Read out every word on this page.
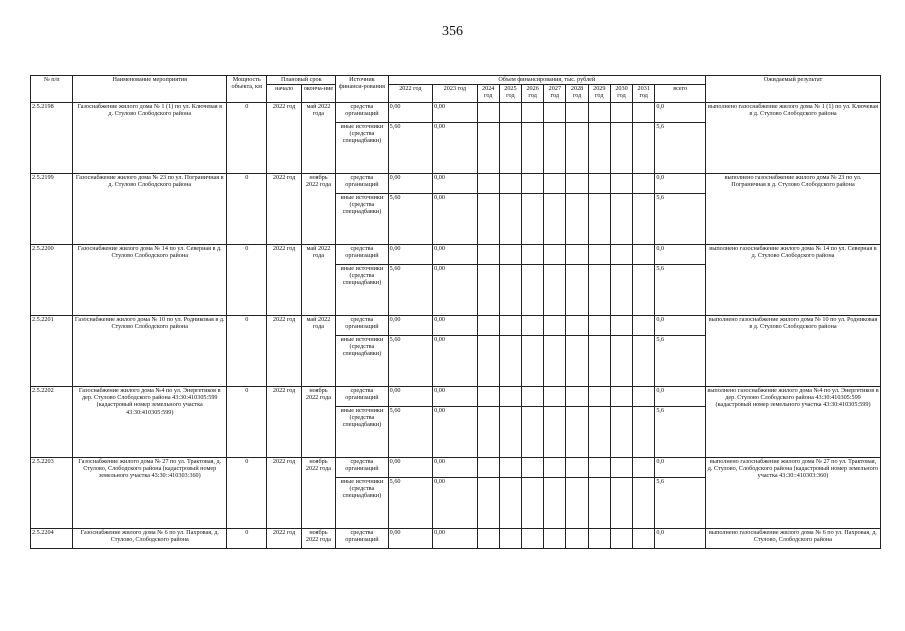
356
№ п/п	Наименование мероприятия	Мощность объекта, км	Плановый срок		Источник финанси-рования	Объем финансирования, тыс. рублей											Ожидаемый результат
			начало	оконча-ние		2022 год	2023 год	2024 год	2025 год	2026 год	2027 год	2028 год	2029 год	2030 год	2031 год	всего	

2.5.2198	Газоснабжение жилого дома № 1 (1) по ул. Ключевая в д. Стулово Слободского района	0	2022 год	май 2022 года	средства организаций	0,00	0,00									0,0	выполнено газоснабжение жилого дома № 1 (1) по ул. Ключевая в д. Стулово Слободского района
					иные источники (средства спецнадбавки)	5,60	0,00									5,6	
2.5.2199	Газоснабжение жилого дома № 23 по ул. Пограничная в д. Стулово Слободского района	0	2022 год	ноябрь 2022 года	средства организаций	0,00	0,00									0,0	выполнено газоснабжение жилого дома № 23 по ул. Пограничная в д. Стулово Слободского района
					иные источники (средства спецнадбавки)	5,60	0,00									5,6	
2.5.2200	Газоснабжение жилого дома № 14 по ул. Северная в д. Стулово Слободского района	0	2022 год	май 2022 года	средства организаций	0,00	0,00									0,0	выполнено газоснабжение жилого дома № 14 по ул. Северная в д. Стулово Слободского района
					иные источники (средства спецнадбавки)	5,60	0,00									5,6	
2.5.2201	Газоснабжение жилого дома № 10 по ул. Родниковая в д. Стулово Слободского района	0	2022 год	май 2022 года	средства организаций	0,00	0,00									0,0	выполнено газоснабжение жилого дома № 10 по ул. Родниковая в д. Стулово Слободского района
					иные источники (средства спецнадбавки)	5,60	0,00									5,6	
2.5.2202	Газоснабжение жилого дома №4 по ул. Энергетиков в дер. Стулово Слободского района 43:30:410305:599 (кадастровый номер земельного участка 43:30:410305:599)	0	2022 год	ноябрь 2022 года	средства организаций	0,00	0,00									0,0	выполнено газоснабжение жилого дома №4 по ул. Энергетиков в дер. Стулово Слободского района 43:30:410305:599 (кадастровый номер земельного участка 43:30:410305:599)
					иные источники (средства спецнадбавки)	5,60	0,00									5,6	
2.5.2203	Газоснабжение жилого дома № 27 по ул. Трактовая, д. Стулово, Слободского района (кадастровый номер земельного участка 43:30::410303:360)	0	2022 год	ноябрь 2022 года	средства организаций	0,00	0,00									0,0	выполнено газоснабжение жилого дома № 27 по ул. Трактовая, д. Стулово, Слободского района (кадастровый номер земельного участка 43:30::410303:360)
					иные источники (средства спецнадбавки)	5,60	0,00									5,6	
2.5.2204	Газоснабжение жилого дома № 6 по ул. Пахровая, д. Стулово, Слободского района	0	2022 год	ноябрь 2022 года	средства организаций	0,00	0,00									0,0	выполнено газоснабжение жилого дома № 6 по ул. Пахровая, д. Стулово, Слободского района
